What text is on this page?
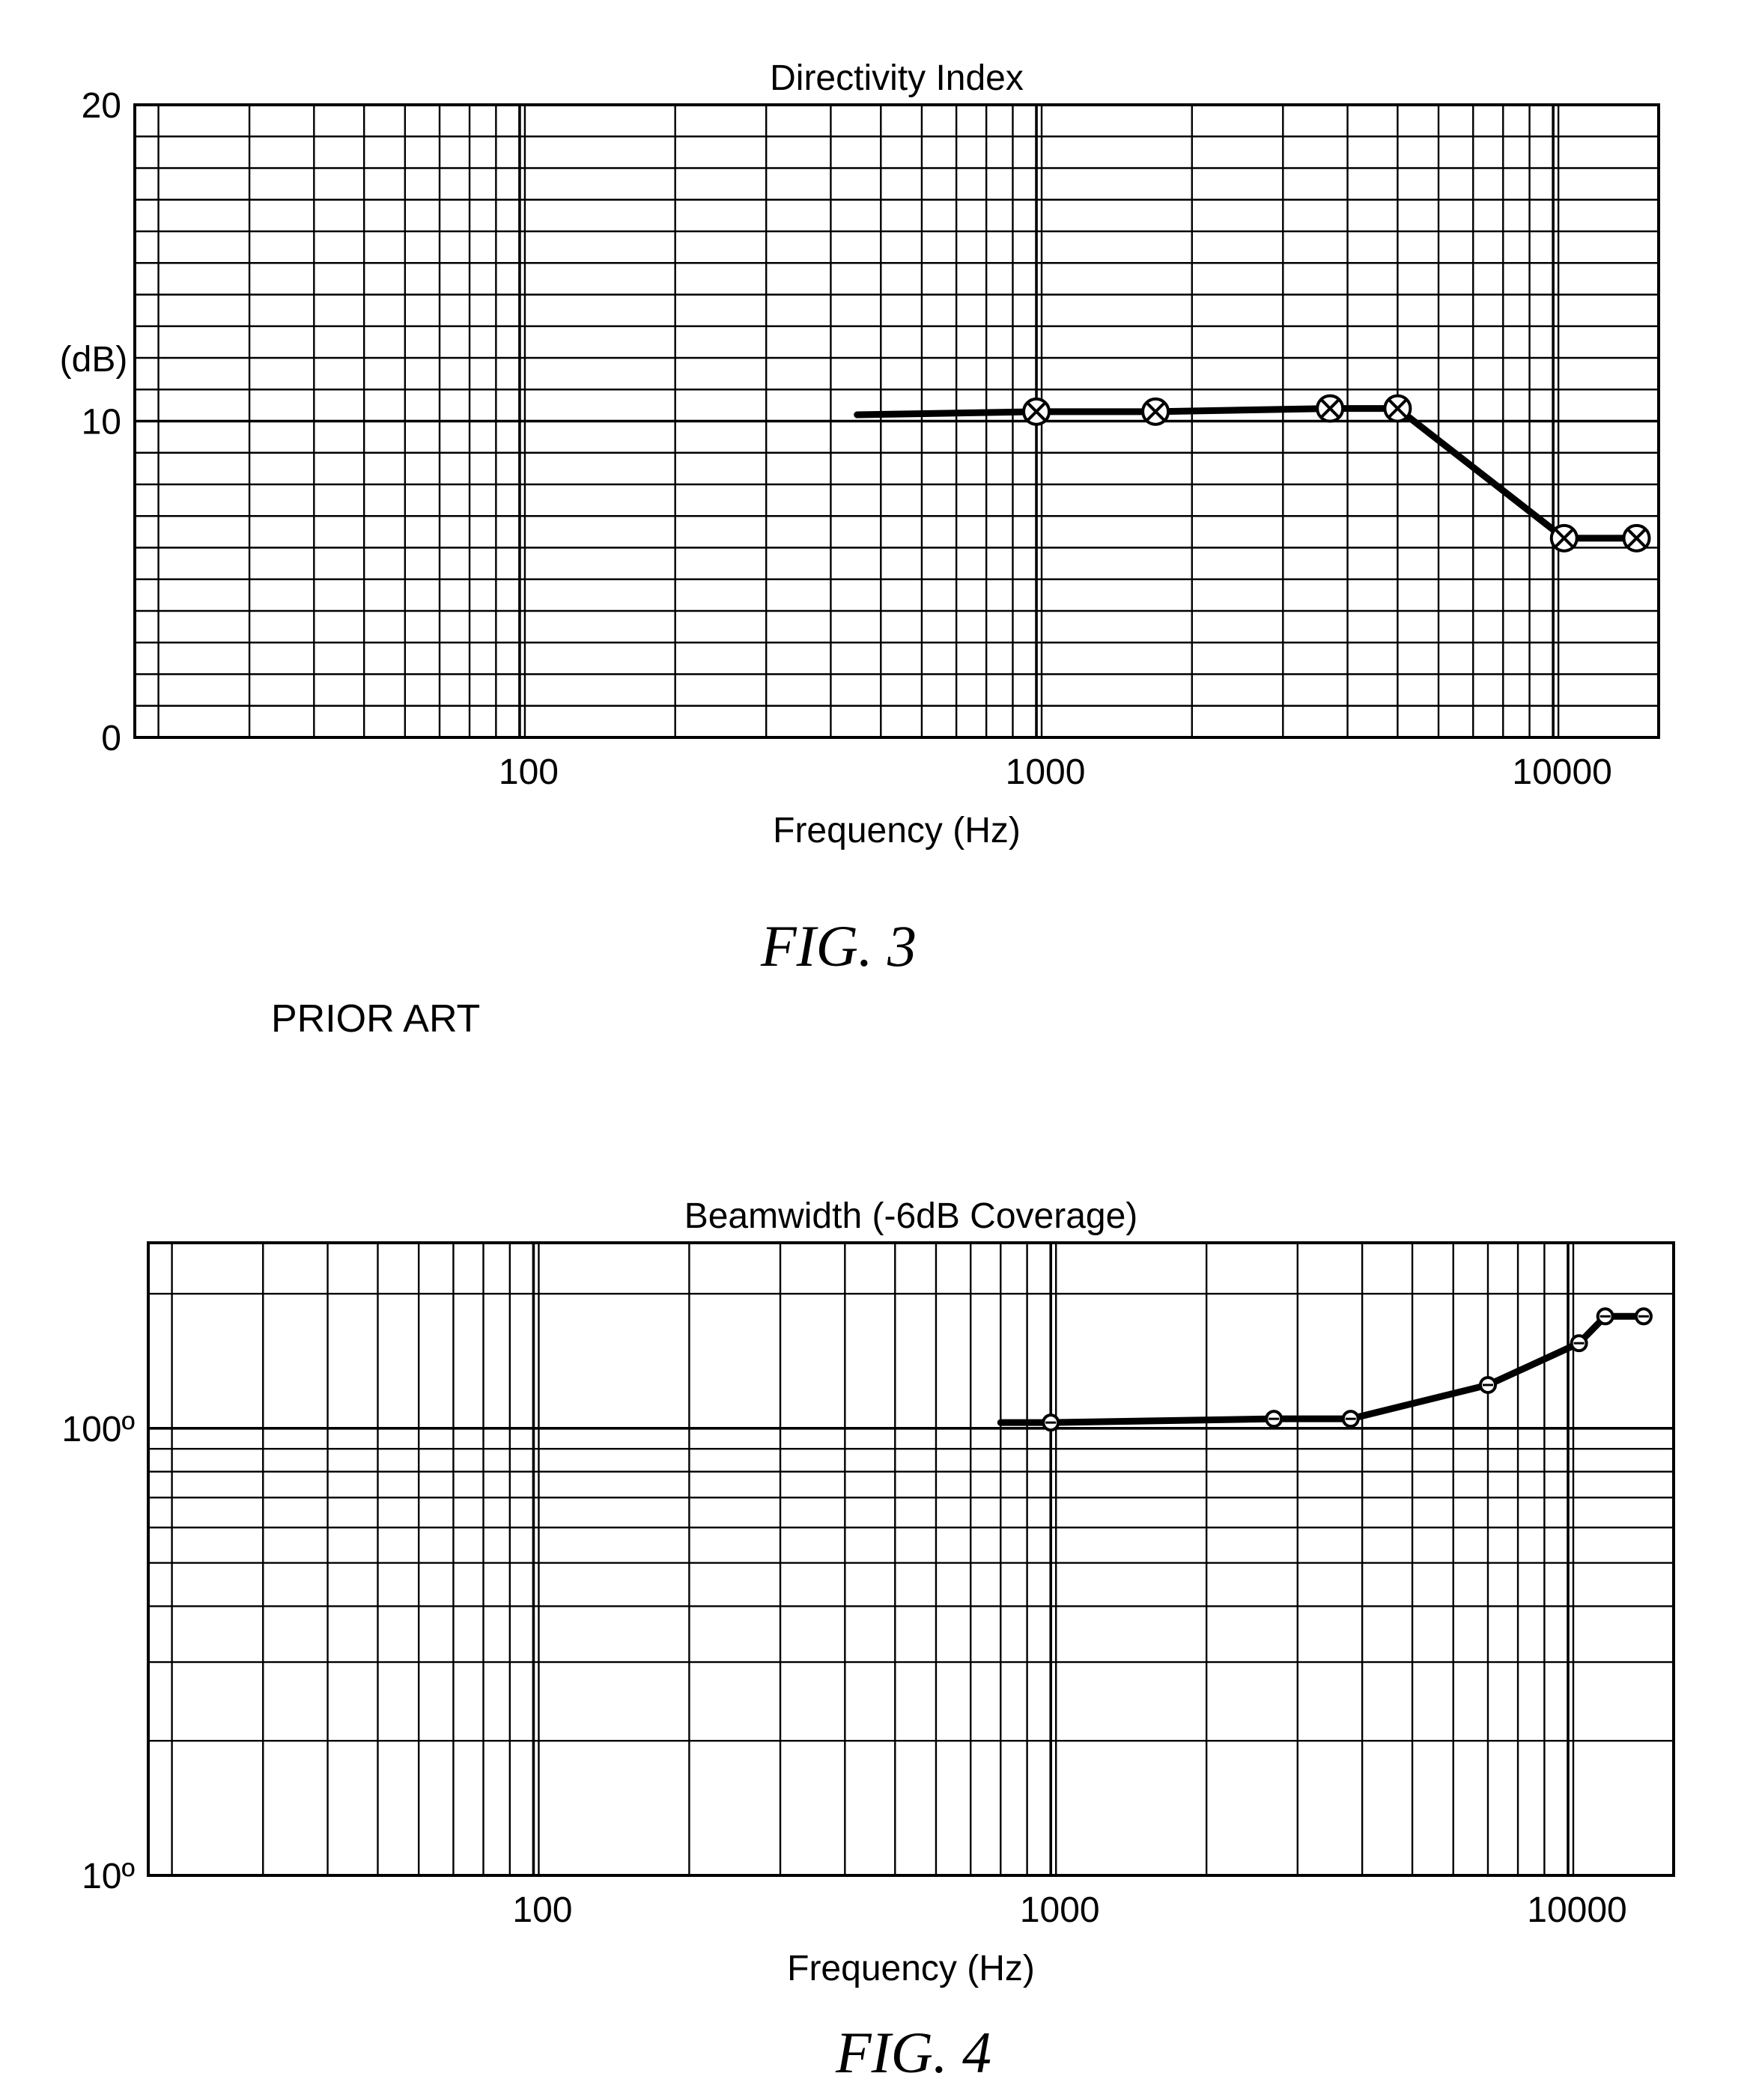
Directivity Index
(dB)
Frequency (Hz)
100	1000	10000
0
10
20
FIG. 3
PRIOR ART
Beamwidth (-6dB Coverage)
Frequency (Hz)
100	1000	10000
10º
100º
FIG. 4
